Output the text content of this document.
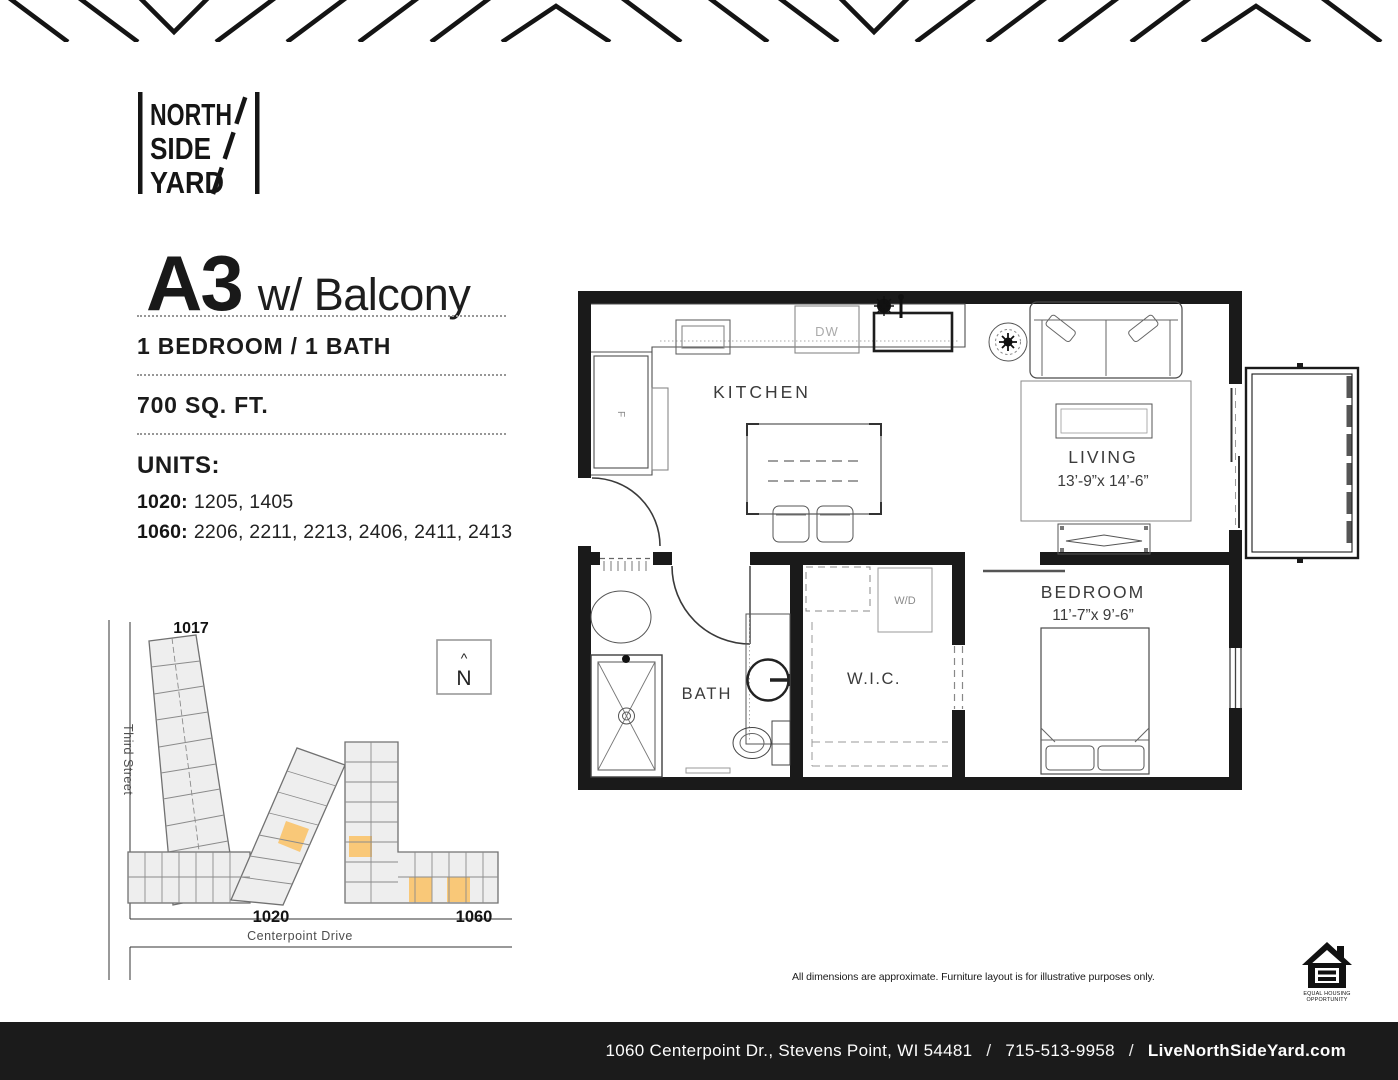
NORTH
SIDE
YARD
A3 w/ Balcony
1 BEDROOM / 1 BATH
700 SQ. FT.
UNITS:
1020: 1205, 1405
1060: 2206, 2211, 2213, 2406, 2411, 2413
Third Street
Centerpoint Drive
^
N
1017
1020	1060
KITCHEN
DW
F
LIVING
13’-9”x 14’-6”
BEDROOM
11’-7”x 9’-6”
W/D
W.I.C.
BATH
All dimensions are approximate. Furniture layout is for illustrative purposes only.
EQUAL HOUSING
OPPORTUNITY
1060 Centerpoint Dr., Stevens Point, WI 54481 / 715-513-9958 / LiveNorthSideYard.com
